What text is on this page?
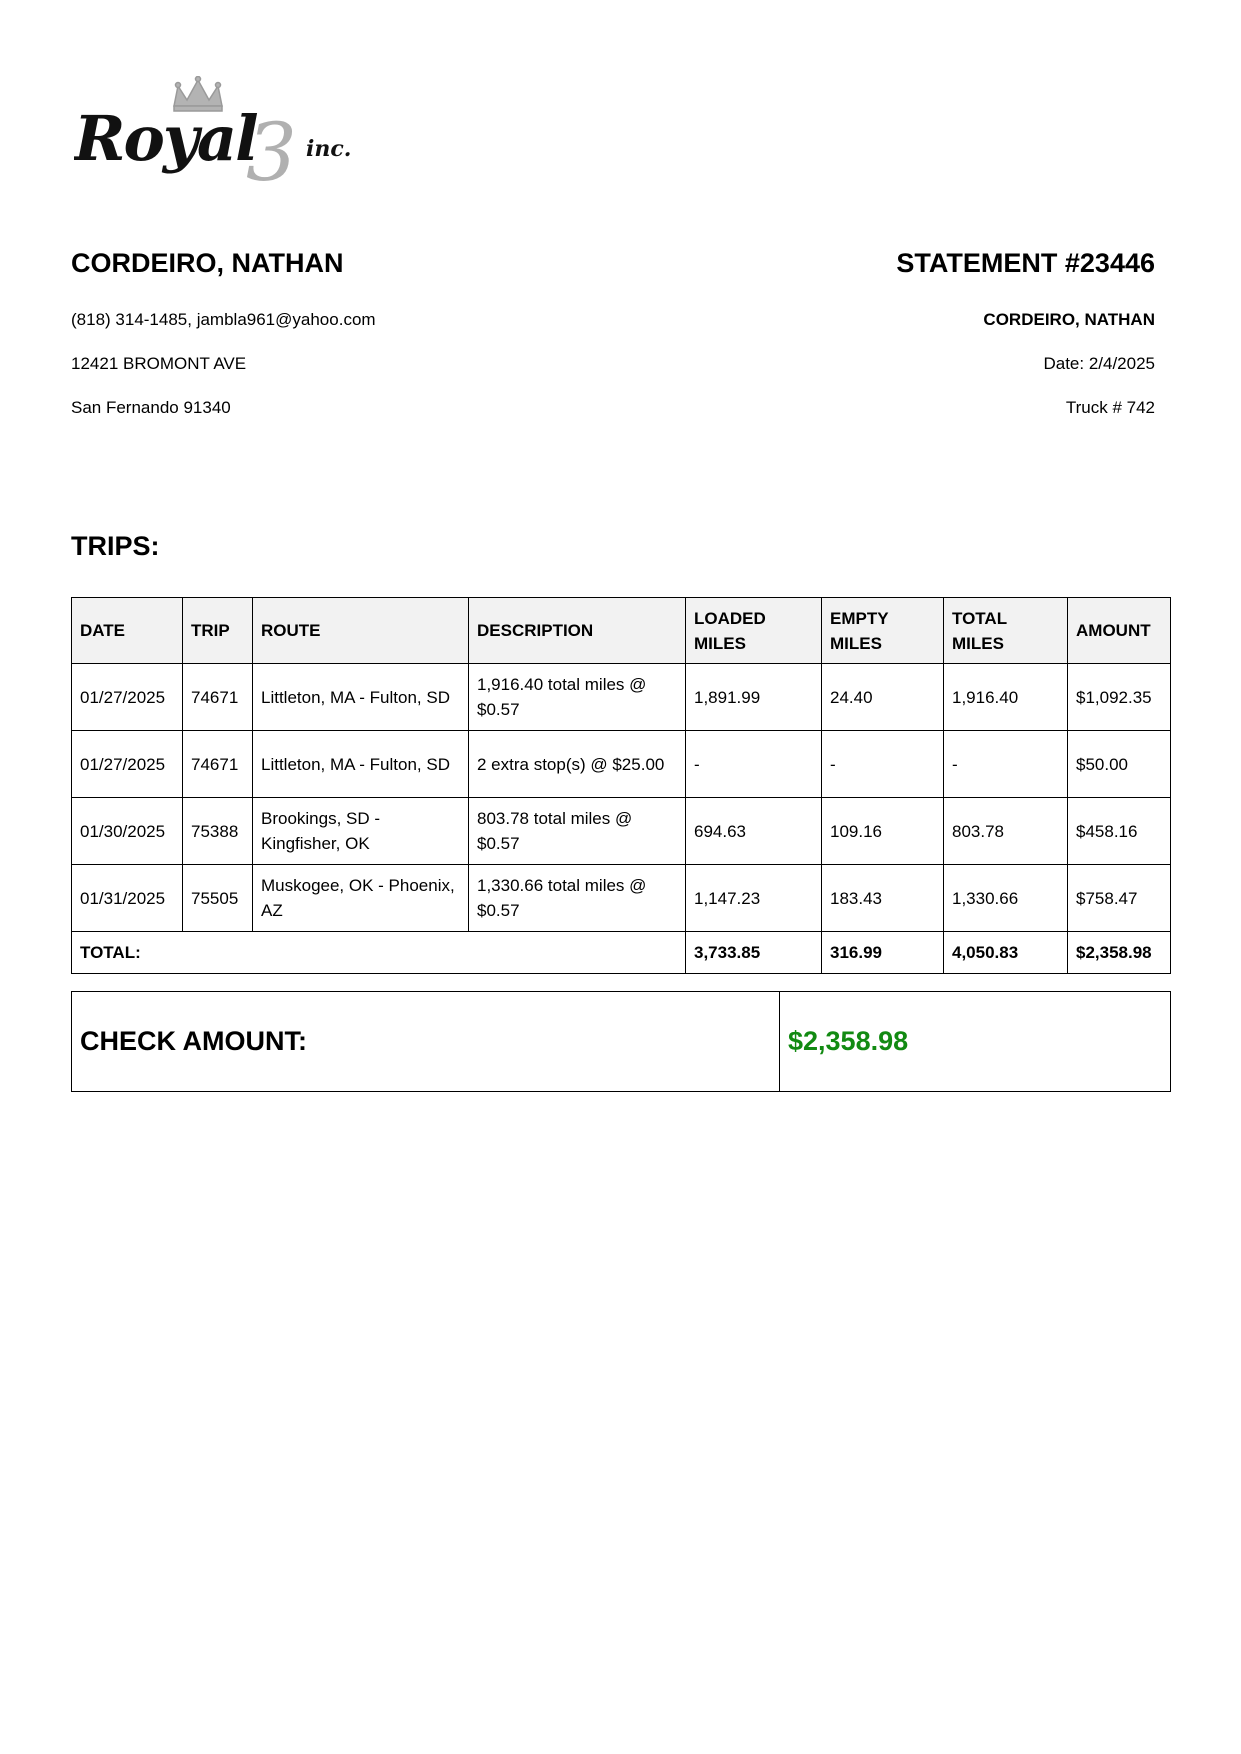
3
Royal inc.
CORDEIRO, NATHAN

(818) 314-1485, jambla961@yahoo.com

12421 BROMONT AVE

San Fernando 91340

STATEMENT #23446

CORDEIRO, NATHAN

Date: 2/4/2025

Truck # 742

TRIPS:
DATE	TRIP	ROUTE	DESCRIPTION	LOADED MILES	EMPTY MILES	TOTAL MILES	AMOUNT
01/27/2025	74671	Littleton, MA - Fulton, SD	1,916.40 total miles @ $0.57	1,891.99	24.40	1,916.40	$1,092.35
01/27/2025	74671	Littleton, MA - Fulton, SD	2 extra stop(s) @ $25.00	-	-	-	$50.00
01/30/2025	75388	Brookings, SD - Kingfisher, OK	803.78 total miles @ $0.57	694.63	109.16	803.78	$458.16
01/31/2025	75505	Muskogee, OK - Phoenix, AZ	1,330.66 total miles @ $0.57	1,147.23	183.43	1,330.66	$758.47
TOTAL:				3,733.85	316.99	4,050.83	$2,358.98
CHECK AMOUNT:	$2,358.98
